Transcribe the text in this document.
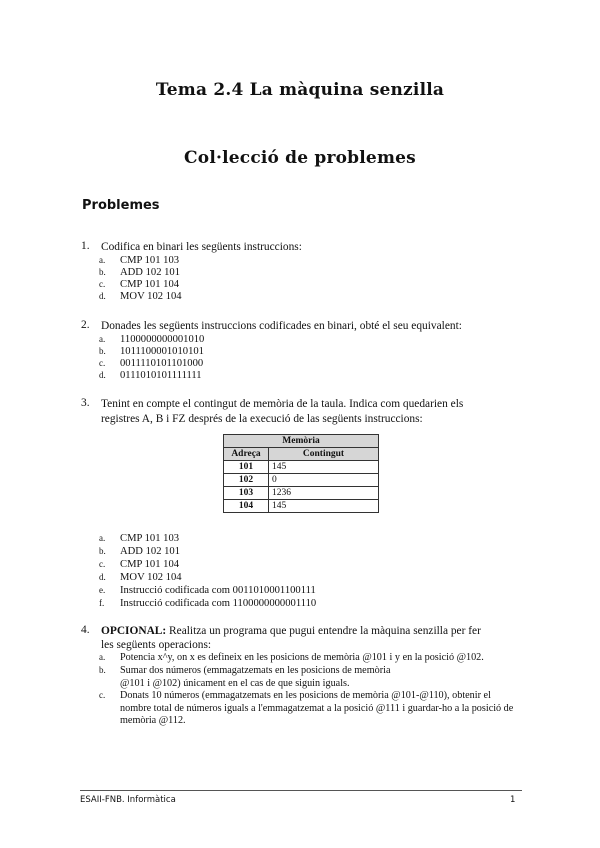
Tema 2.4 La màquina senzilla
Col·lecció de problemes
Problemes
1. Codifica en binari les següents instruccions:
a.	CMP 101 103
b.	ADD 102 101
c.	CMP 101 104
d.	MOV 102 104
2. Donades les següents instruccions codificades en binari, obté el seu equivalent:
a.	1100000000001010
b.	1011100001010101
c.	0011110101101000
d.	0111010101111111
3. Tenint en compte el contingut de memòria de la taula. Indica com quedarien els
registres A, B i FZ després de la execució de las següents instruccions:
Memòria	
Adreça	Contingut
101	145
102	0
103	1236
104	145
a.	CMP 101 103
b.	ADD 102 101
c.	CMP 101 104
d.	MOV 102 104
e.	Instrucció codificada com 0011010001100111
f.	Instrucció codificada com 1100000000001110
4. OPCIONAL: Realitza un programa que pugui entendre la màquina senzilla per fer
les següents operacions:
a.	Potencia x^y, on x es defineix en les posicions de memòria @101 i y en la posició @102.
b.	Sumar dos números (emmagatzemats en les posicions de memòria @101 i @102) únicament en el cas de que siguin iguals.
c.	Donats 10 números (emmagatzemats en les posicions de memòria @101-@110), obtenir el nombre total de números iguals a l'emmagatzemat a la posició @111 i guardar-ho a la posició de memòria @112.
ESAII-FNB. Informàtica	1
